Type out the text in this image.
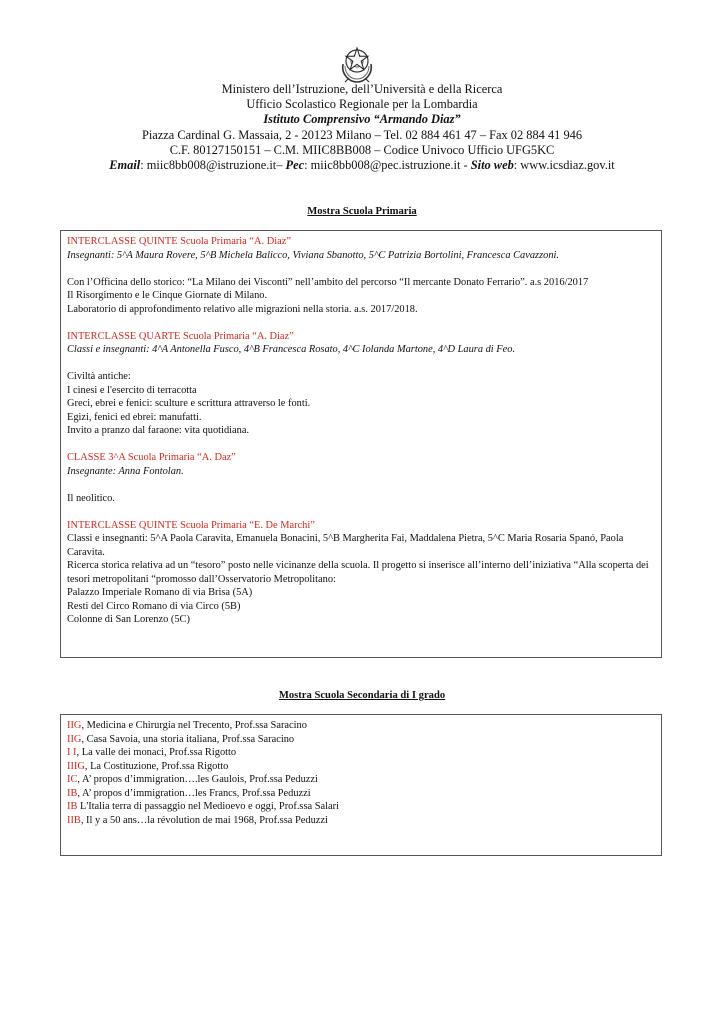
Ministero dell’Istruzione, dell’Università e della Ricerca
Ufficio Scolastico Regionale per la Lombardia
Istituto Comprensivo “Armando Diaz”
Piazza Cardinal G. Massaia, 2 - 20123 Milano – Tel. 02 884 461 47 – Fax 02 884 41 946
C.F. 80127150151 – C.M. MIIC8BB008 – Codice Univoco Ufficio UFG5KC
Email: miic8bb008@istruzione.it– Pec: miic8bb008@pec.istruzione.it - Sito web: www.icsdiaz.gov.it
Mostra Scuola Primaria
INTERCLASSE QUINTE Scuola Primaria “A. Diaz”
Insegnanti: 5^A Maura Rovere, 5^B Michela Balicco, Viviana Sbanotto, 5^C Patrizia Bortolini, Francesca Cavazzoni.
Con l’Officina dello storico: “La Milano dei Visconti” nell’ambito del percorso “Il mercante Donato Ferrario”. a.s 2016/2017
Il Risorgimento e le Cinque Giornate di Milano.
Laboratorio di approfondimento relativo alle migrazioni nella storia. a.s. 2017/2018.
INTERCLASSE QUARTE Scuola Primaria “A. Diaz”
Classi e insegnanti: 4^A Antonella Fusco, 4^B Francesca Rosato, 4^C Iolanda Martone, 4^D Laura di Feo.
Civiltà antiche:
I cinesi e l'esercito di terracotta
Greci, ebrei e fenici: sculture e scrittura attraverso le fonti.
Egizi, fenici ed ebrei: manufatti.
Invito a pranzo dal faraone: vita quotidiana.
CLASSE 3^A Scuola Primaria “A. Daz”
Insegnante: Anna Fontolan.
Il neolitico.
INTERCLASSE QUINTE Scuola Primaria “E. De Marchi”
Classi e insegnanti: 5^A Paola Caravita, Emanuela Bonacini, 5^B Margherita Fai, Maddalena Pietra, 5^C Maria Rosaria Spanó, Paola Caravita.
Ricerca storica relativa ad un “tesoro” posto nelle vicinanze della scuola. Il progetto si inserisce all’interno dell’iniziativa “Alla scoperta dei tesori metropolitani “promosso dall’Osservatorio Metropolitano:
Palazzo Imperiale Romano di via Brisa (5A)
Resti del Circo Romano di via Circo (5B)
Colonne di San Lorenzo (5C)
Mostra Scuola Secondaria di I grado
IIG, Medicina e Chirurgia nel Trecento, Prof.ssa Saracino
IIG, Casa Savoia, una storia italiana, Prof.ssa Saracino
I I, La valle dei monaci, Prof.ssa Rigotto
IIIG, La Costituzione, Prof.ssa Rigotto
IC, A’ propos d’immigration….les Gaulois, Prof.ssa Peduzzi
IB, A’ propos d’immigration…les Francs, Prof.ssa Peduzzi
IB L'Italia terra di passaggio nel Medioevo e oggi, Prof.ssa Salari
IIB, Il y a 50 ans…la révolution de mai 1968, Prof.ssa Peduzzi
